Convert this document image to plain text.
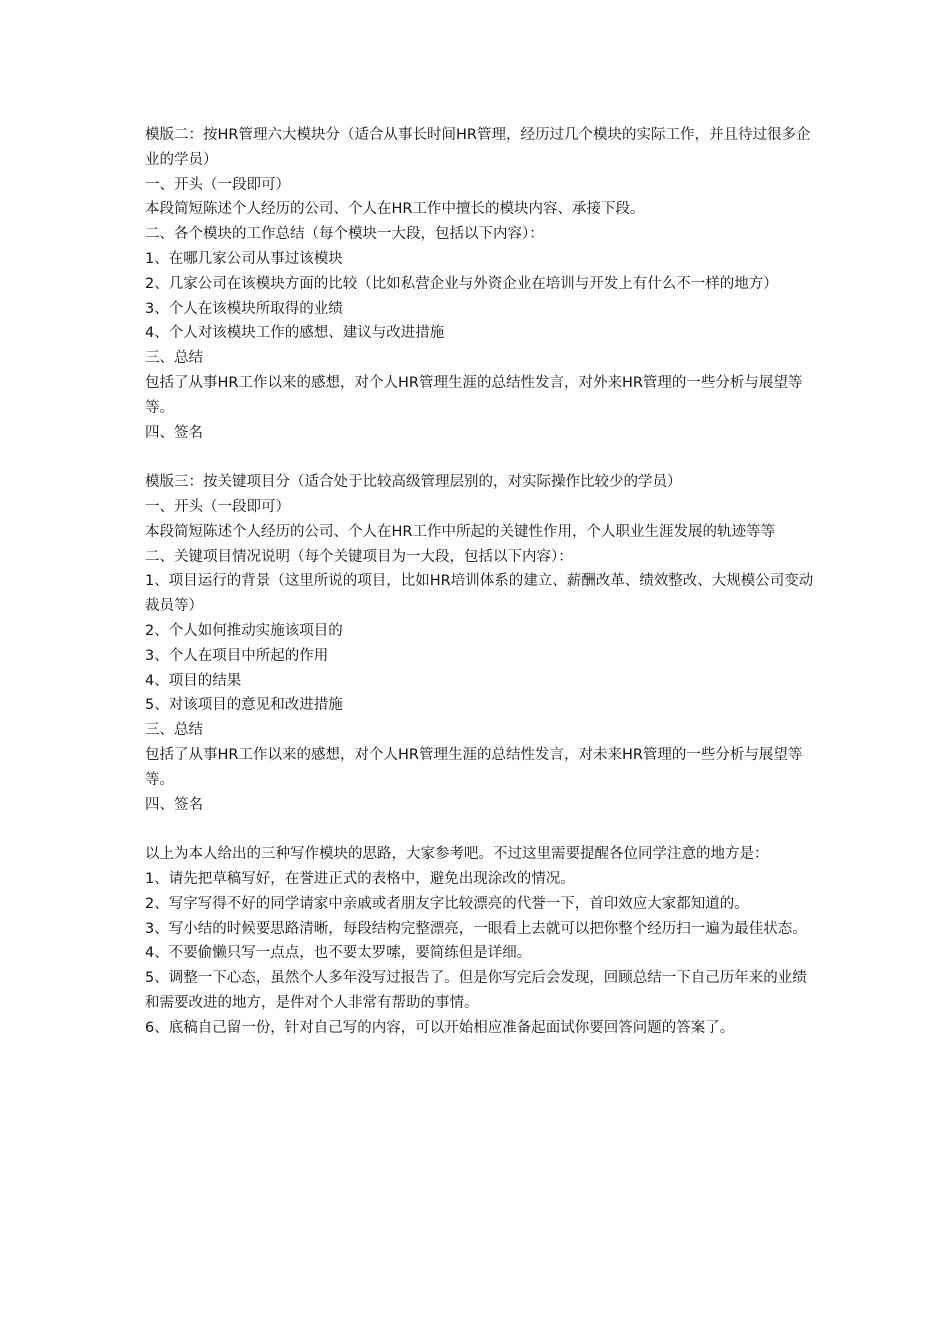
模版二：按HR管理六大模块分（适合从事长时间HR管理，经历过几个模块的实际工作，并且待过很多企业的学员）

一、开头（一段即可）

本段简短陈述个人经历的公司、个人在HR工作中擅长的模块内容、承接下段。

二、各个模块的工作总结（每个模块一大段，包括以下内容）：

1、在哪几家公司从事过该模块

2、几家公司在该模块方面的比较（比如私营企业与外资企业在培训与开发上有什么不一样的地方）

3、个人在该模块所取得的业绩

4、个人对该模块工作的感想、建议与改进措施

三、总结

包括了从事HR工作以来的感想，对个人HR管理生涯的总结性发言，对外来HR管理的一些分析与展望等等。

四、签名

模版三：按关键项目分（适合处于比较高级管理层别的，对实际操作比较少的学员）

一、开头（一段即可）

本段简短陈述个人经历的公司、个人在HR工作中所起的关键性作用，个人职业生涯发展的轨迹等等

二、关键项目情况说明（每个关键项目为一大段，包括以下内容）：

1、项目运行的背景（这里所说的项目，比如HR培训体系的建立、薪酬改革、绩效整改、大规模公司变动裁员等）

2、个人如何推动实施该项目的

3、个人在项目中所起的作用

4、项目的结果

5、对该项目的意见和改进措施

三、总结

包括了从事HR工作以来的感想，对个人HR管理生涯的总结性发言，对未来HR管理的一些分析与展望等等。

四、签名

以上为本人给出的三种写作模块的思路，大家参考吧。不过这里需要提醒各位同学注意的地方是：

1、请先把草稿写好，在誉进正式的表格中，避免出现涂改的情况。

2、写字写得不好的同学请家中亲戚或者朋友字比较漂亮的代誉一下，首印效应大家都知道的。

3、写小结的时候要思路清晰，每段结构完整漂亮，一眼看上去就可以把你整个经历扫一遍为最佳状态。

4、不要偷懒只写一点点，也不要太罗嗦，要简练但是详细。

5、调整一下心态，虽然个人多年没写过报告了。但是你写完后会发现，回顾总结一下自己历年来的业绩和需要改进的地方，是件对个人非常有帮助的事情。

6、底稿自己留一份，针对自己写的内容，可以开始相应准备起面试你要回答问题的答案了。
